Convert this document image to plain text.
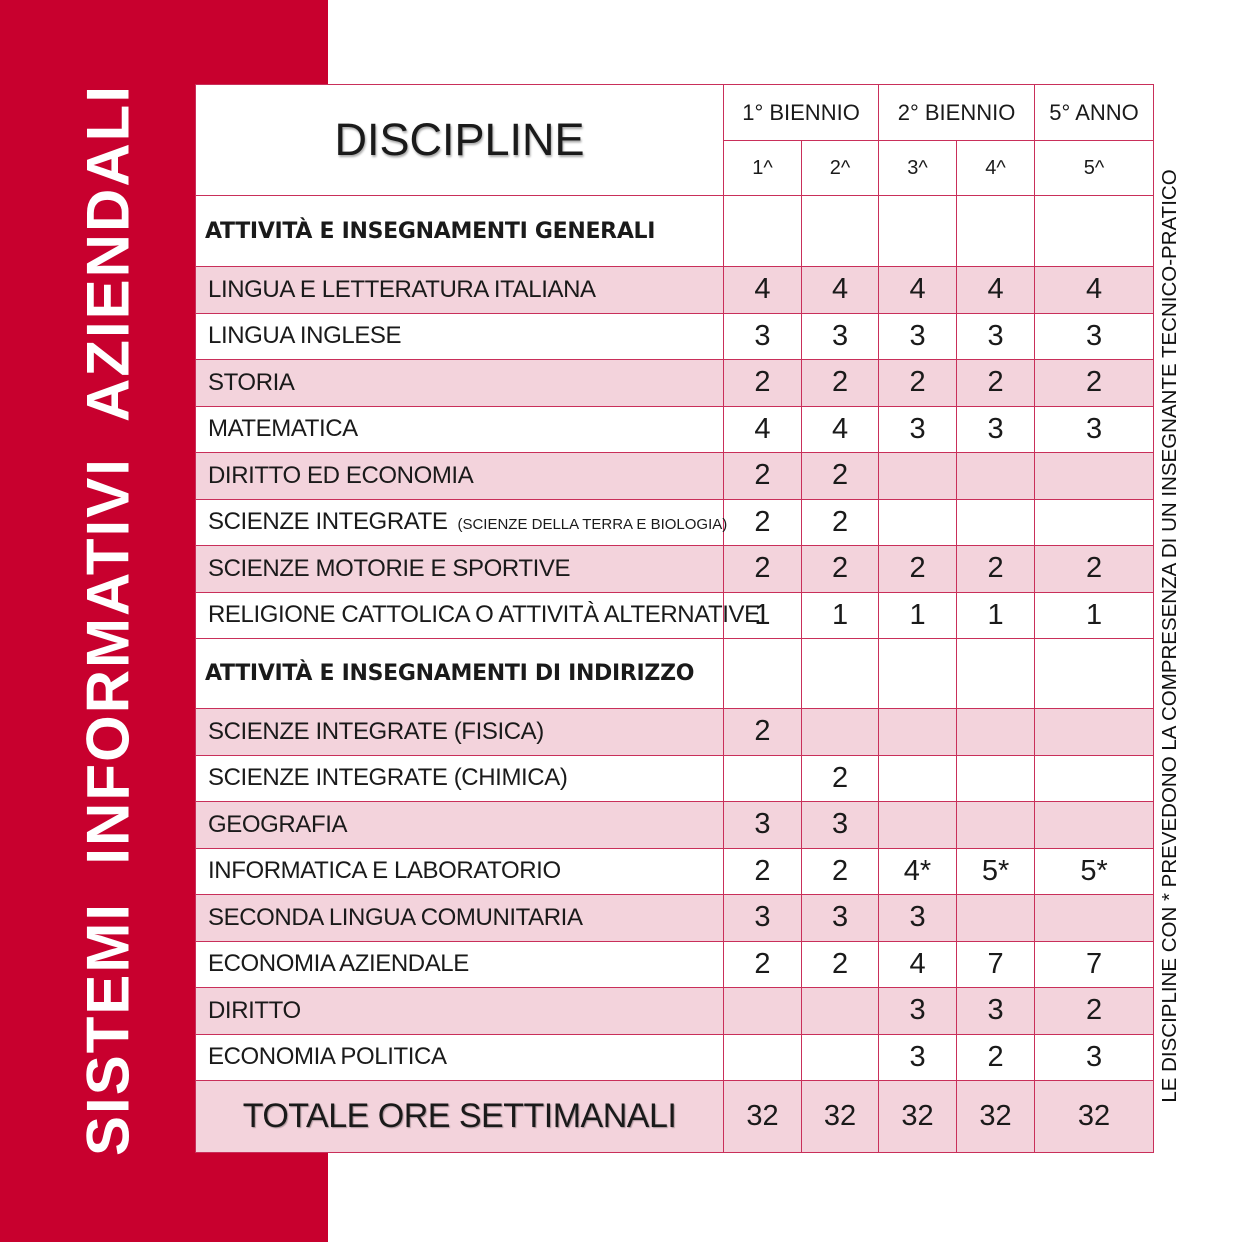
SISTEMI  INFORMATIVI  AZIENDALI	DISCIPLINE	1° BIENNIO		2° BIENNIO		5° ANNO
	1^	2^	3^	4^	5^
ATTIVITÀ E INSEGNAMENTI GENERALI					
LINGUA E LETTERATURA ITALIANA	4	4	4	4	4
LINGUA INGLESE	3	3	3	3	3
STORIA	2	2	2	2	2
MATEMATICA	4	4	3	3	3
DIRITTO ED ECONOMIA	2	2			
SCIENZE INTEGRATE (SCIENZE DELLA TERRA E BIOLOGIA)	2	2			
SCIENZE MOTORIE E SPORTIVE	2	2	2	2	2
RELIGIONE CATTOLICA O ATTIVITÀ ALTERNATIVE	1	1	1	1	1
ATTIVITÀ E INSEGNAMENTI DI INDIRIZZO					
SCIENZE INTEGRATE (FISICA)	2				
SCIENZE INTEGRATE (CHIMICA)		2			
GEOGRAFIA	3	3			
INFORMATICA E LABORATORIO	2	2	4*	5*	5*
SECONDA LINGUA COMUNITARIA	3	3	3		
ECONOMIA AZIENDALE	2	2	4	7	7
DIRITTO			3	3	2
ECONOMIA POLITICA			3	2	3
TOTALE ORE SETTIMANALI	32	32	32	32	32
LE DISCIPLINE CON * PREVEDONO LA COMPRESENZA DI UN INSEGNANTE TECNICO-PRATICO
